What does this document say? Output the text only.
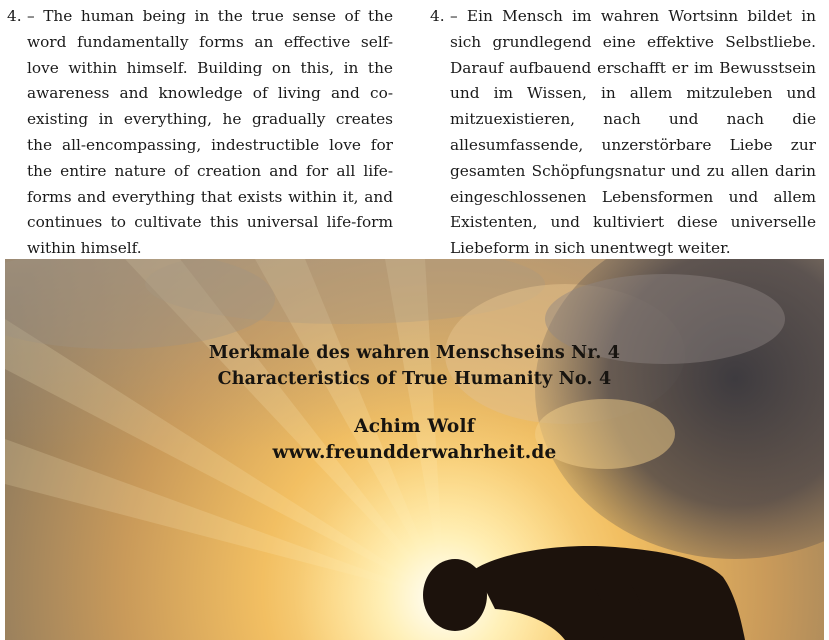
4. – The human being in the true sense of the word fundamentally forms an effective self-love within himself. Building on this, in the awareness and knowledge of living and co-existing in everything, he gradually creates the all-encompassing, indestructible love for the entire nature of creation and for all life-forms and everything that exists within it, and continues to cultivate this universal life-form within himself.

4. – Ein Mensch im wahren Wortsinn bildet in sich grundlegend eine effektive Selbstliebe. Darauf aufbauend erschafft er im Bewusstsein und im Wissen, in allem mitzuleben und mitzuexistieren, nach und nach die allesumfassende, unzerstörbare Liebe zur gesamten Schöpfungsnatur und zu allen darin eingeschlossenen Lebensformen und allem Existenten, und kultiviert diese universelle Liebeform in sich unentwegt weiter.

Merkmale des wahren Menschseins Nr. 4
Characteristics of True Humanity No. 4
Achim Wolf
www.freundderwahrheit.de
